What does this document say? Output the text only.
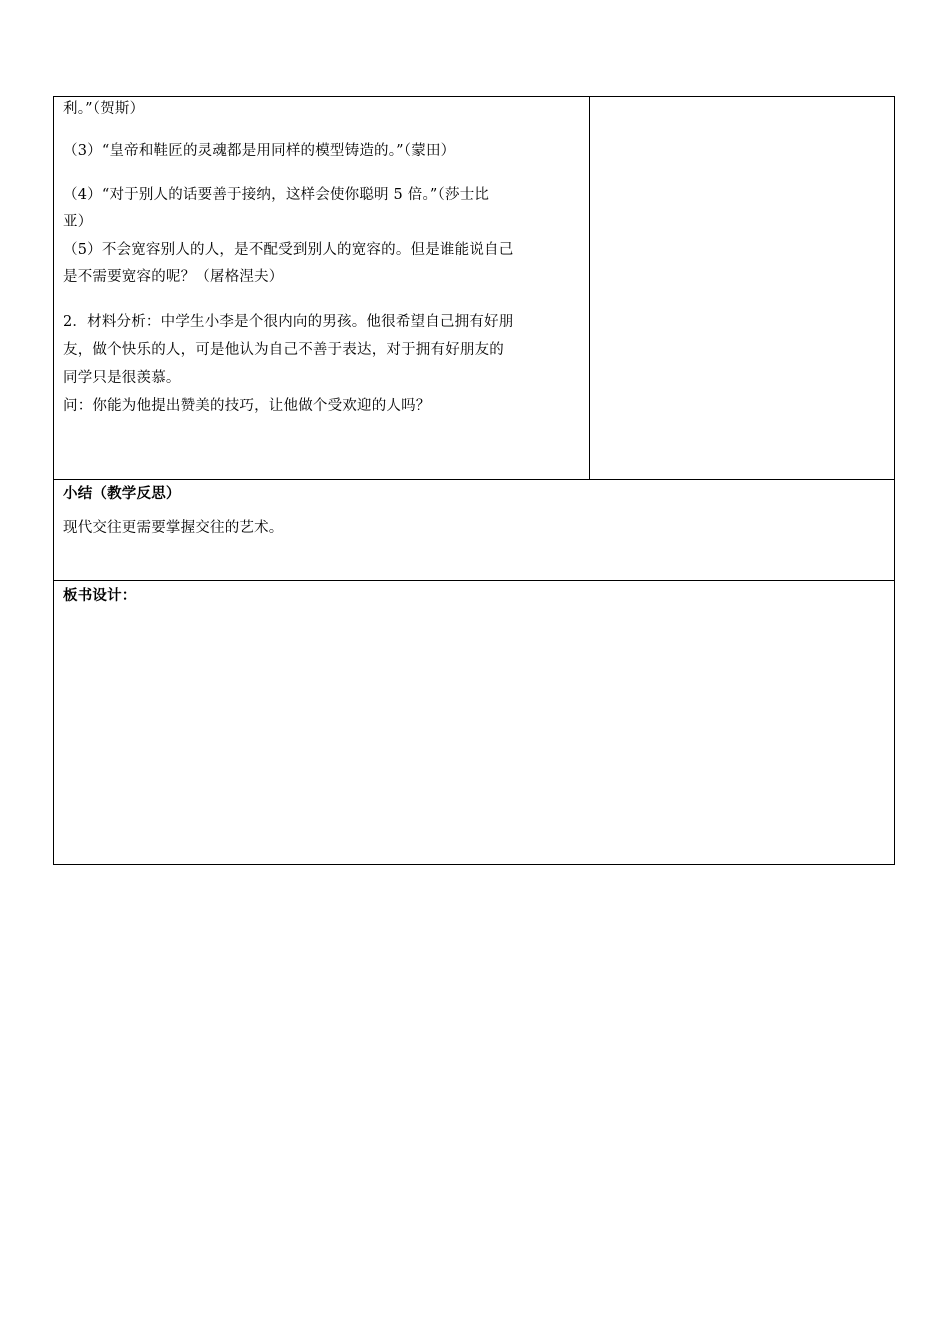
利。”（贺斯）
（3）“皇帝和鞋匠的灵魂都是用同样的模型铸造的。”（蒙田）
（4）“对于别人的话要善于接纳，这样会使你聪明 5 倍。”（莎士比
亚）
（5）不会宽容别人的人，是不配受到别人的宽容的。但是谁能说自己
是不需要宽容的呢？（屠格涅夫）
2．材料分析：中学生小李是个很内向的男孩。他很希望自己拥有好朋
友，做个快乐的人，可是他认为自己不善于表达，对于拥有好朋友的
同学只是很羡慕。
问：你能为他提出赞美的技巧，让他做个受欢迎的人吗？
小结（教学反思）
现代交往更需要掌握交往的艺术。
板书设计：
